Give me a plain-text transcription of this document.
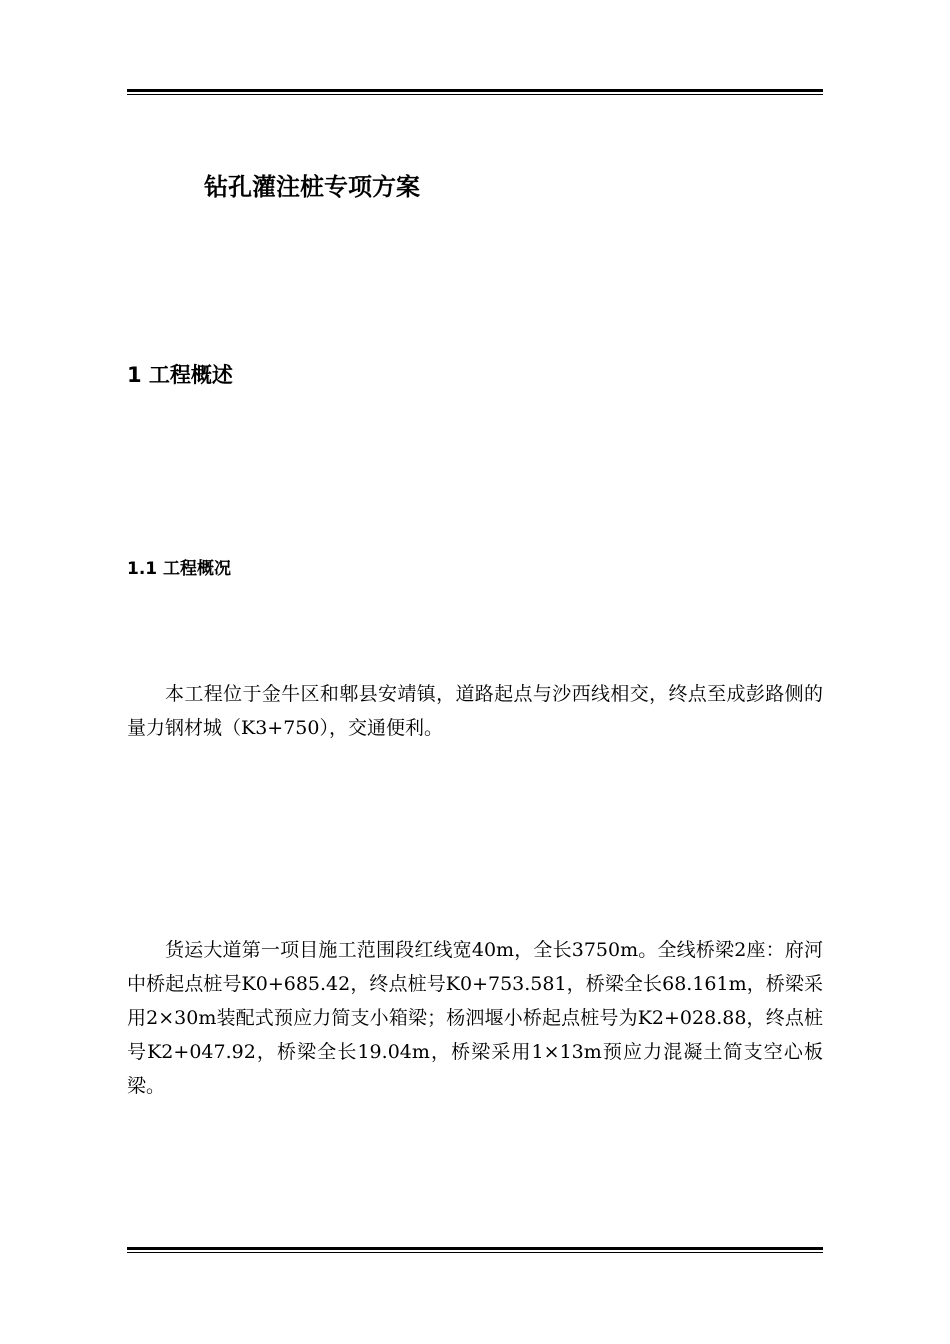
钻孔灌注桩专项方案
1 工程概述
1.1 工程概况

本工程位于金牛区和郫县安靖镇，道路起点与沙西线相交，终点至成彭路侧的量力钢材城（K3+750），交通便利。

货运大道第一项目施工范围段红线宽40m，全长3750m。全线桥梁2座：府河中桥起点桩号K0+685.42，终点桩号K0+753.581，桥梁全长68.161m，桥梁采用2×30m装配式预应力简支小箱梁；杨泗堰小桥起点桩号为K2+028.88，终点桩号K2+047.92，桥梁全长19.04m，桥梁采用1×13m预应力混凝土简支空心板梁。
